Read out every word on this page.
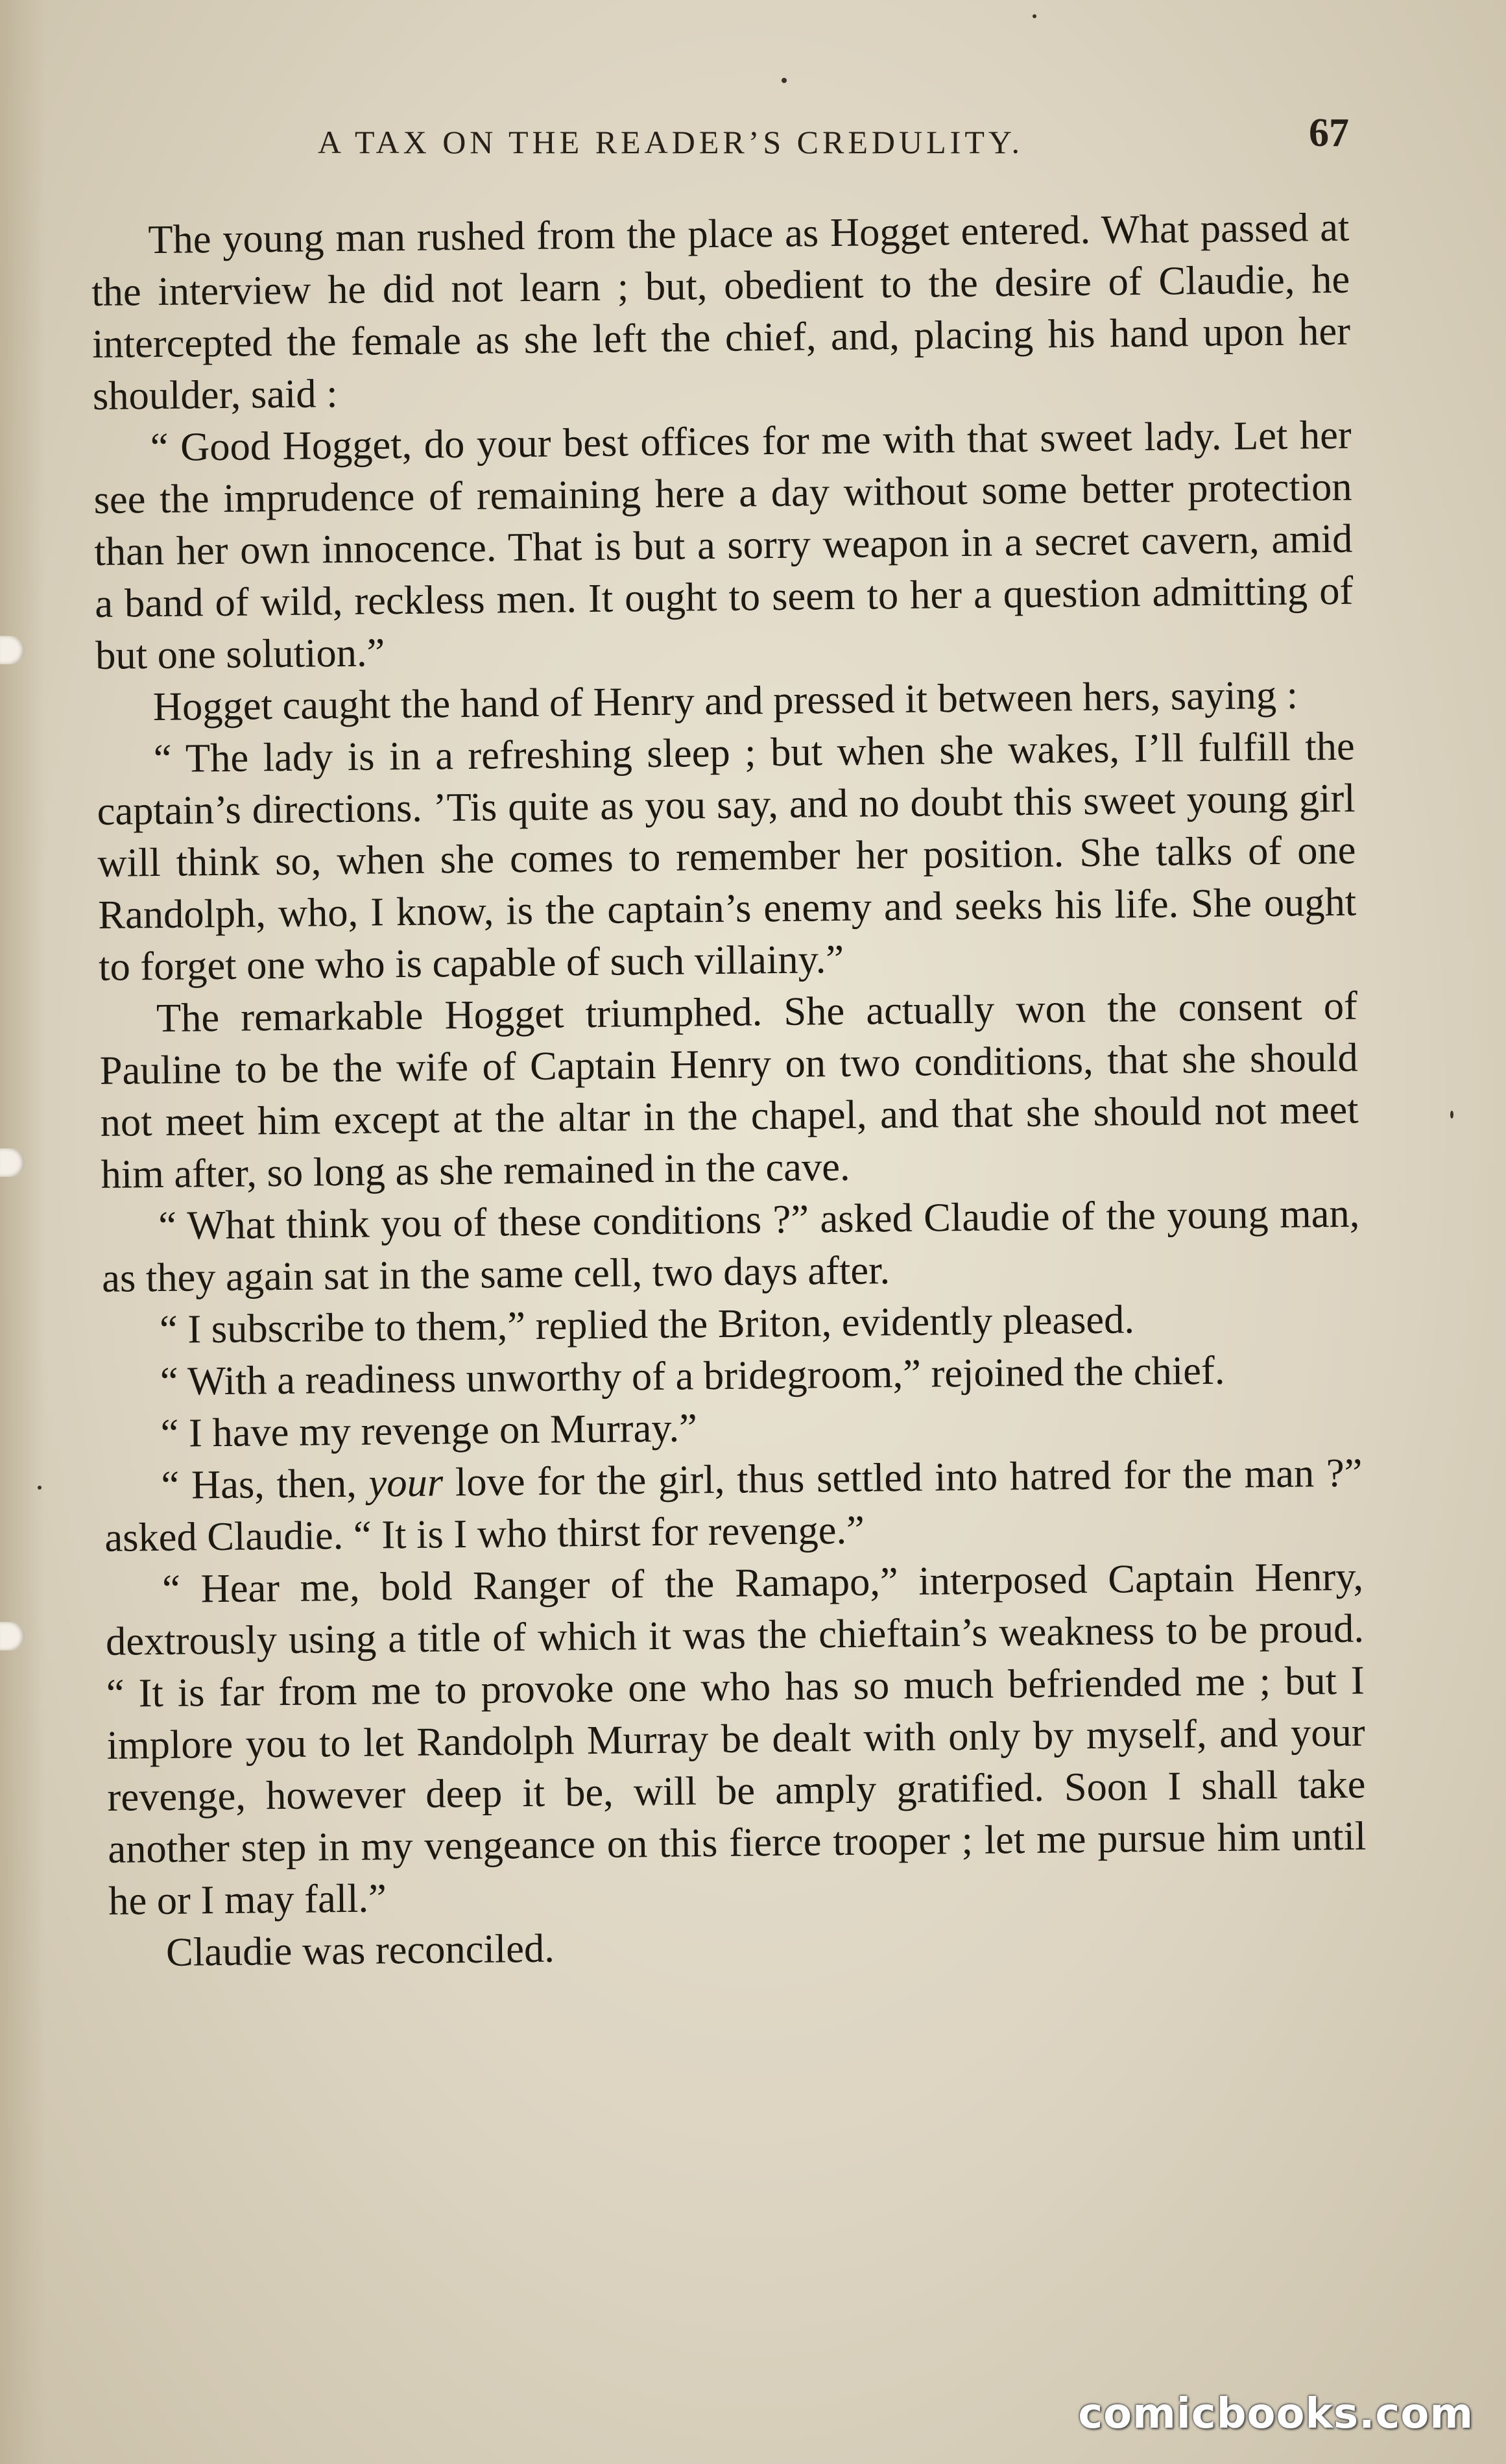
A TAX ON THE READER’S CREDULITY.	67

The young man rushed from the place as Hogget entered. What passed at the interview he did not learn ; but, obedient to the desire of Claudie, he intercepted the female as she left the chief, and, placing his hand upon her shoulder, said :

“ Good Hogget, do your best offices for me with that sweet lady. Let her see the imprudence of remaining here a day without some better protection than her own innocence. That is but a sorry weapon in a secret cavern, amid a band of wild, reckless men. It ought to seem to her a question admitting of but one solution.”

Hogget caught the hand of Henry and pressed it between hers, saying :

“ The lady is in a refreshing sleep ; but when she wakes, I’ll fulfill the captain’s directions. ’Tis quite as you say, and no doubt this sweet young girl will think so, when she comes to remember her position. She talks of one Randolph, who, I know, is the captain’s enemy and seeks his life. She ought to forget one who is capable of such villainy.”

The remarkable Hogget triumphed. She actually won the consent of Pauline to be the wife of Captain Henry on two conditions, that she should not meet him except at the altar in the chapel, and that she should not meet him after, so long as she remained in the cave.

“ What think you of these conditions ?” asked Claudie of the young man, as they again sat in the same cell, two days after.

“ I subscribe to them,” replied the Briton, evidently pleased.

“ With a readiness unworthy of a bridegroom,” rejoined the chief.

“ I have my revenge on Murray.”

“ Has, then, your love for the girl, thus settled into hatred for the man ?” asked Claudie. “ It is I who thirst for revenge.”

“ Hear me, bold Ranger of the Ramapo,” interposed Captain Henry, dextrously using a title of which it was the chieftain’s weakness to be proud. “ It is far from me to provoke one who has so much befriended me ; but I implore you to let Randolph Murray be dealt with only by myself, and your revenge, however deep it be, will be amply gratified. Soon I shall take another step in my vengeance on this fierce trooper ; let me pursue him until he or I may fall.”

Claudie was reconciled.

comicbooks.com
